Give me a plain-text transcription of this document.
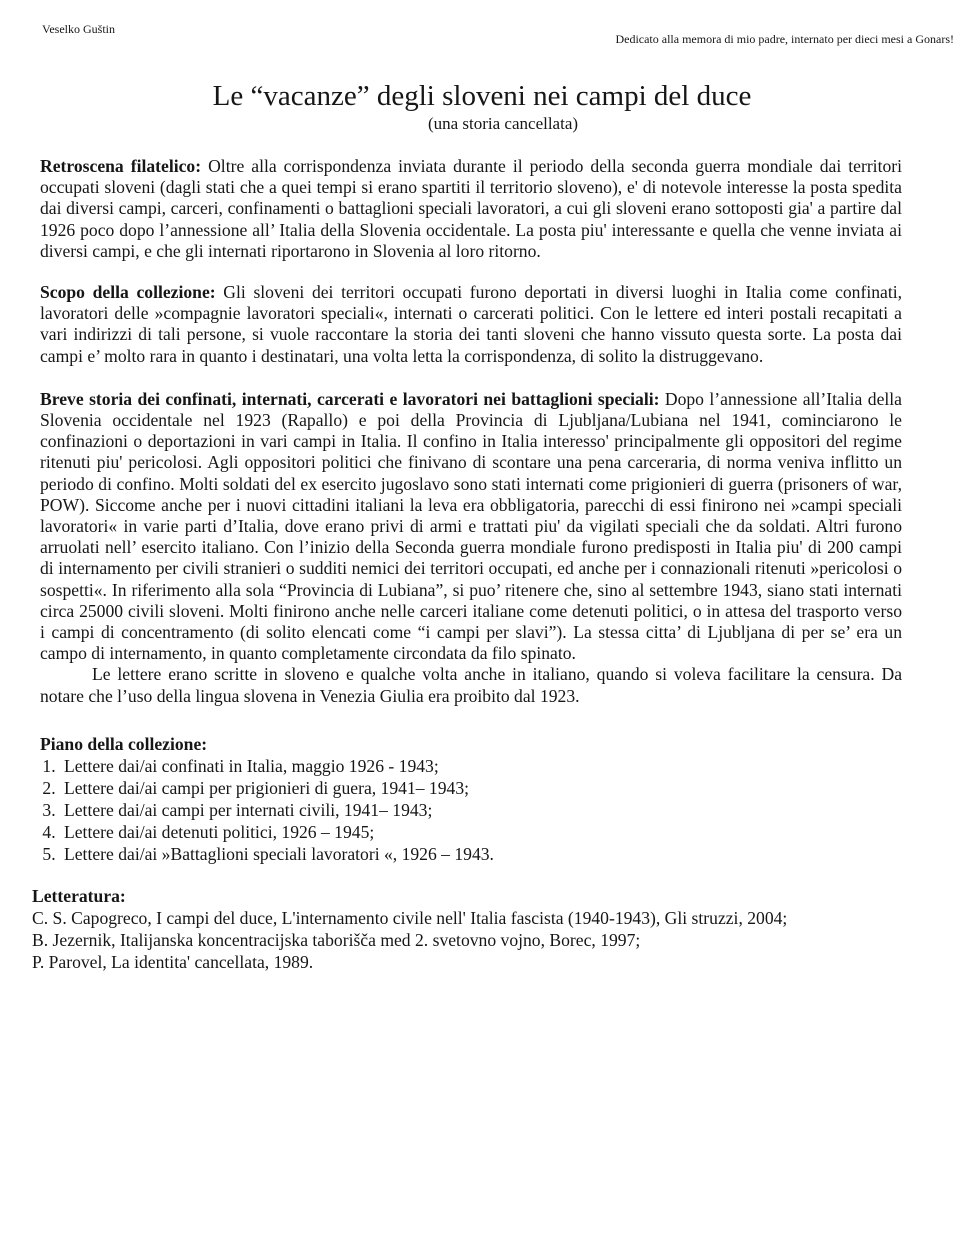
Veselko Guštin
Dedicato alla memora di mio padre, internato per dieci mesi a Gonars!
Le “vacanze” degli sloveni nei campi del duce
(una storia cancellata)
Retroscena filatelico: Oltre alla corrispondenza inviata durante il periodo della seconda guerra mondiale dai territori occupati sloveni (dagli stati che a quei tempi si erano spartiti il territorio sloveno), e' di notevole interesse la posta spedita dai diversi campi, carceri, confinamenti o battaglioni speciali lavoratori, a cui gli sloveni erano sottoposti gia' a partire dal 1926 poco dopo l’annessione all’ Italia della Slovenia occidentale. La posta piu' interessante e quella che venne inviata ai diversi campi, e che gli internati riportarono in Slovenia al loro ritorno.
Scopo della collezione: Gli sloveni dei territori occupati furono deportati in diversi luoghi in Italia come confinati, lavoratori delle »compagnie lavoratori speciali«, internati o carcerati politici. Con le lettere ed interi postali recapitati a vari indirizzi di tali persone, si vuole raccontare la storia dei tanti sloveni che hanno vissuto questa sorte. La posta dai campi e’ molto rara in quanto i destinatari, una volta letta la corrispondenza, di solito la distruggevano.
Breve storia dei confinati, internati, carcerati e lavoratori nei battaglioni speciali: Dopo l’annessione all’Italia della Slovenia occidentale nel 1923 (Rapallo) e poi della Provincia di Ljubljana/Lubiana nel 1941, cominciarono le confinazioni o deportazioni in vari campi in Italia. Il confino in Italia interesso' principalmente gli oppositori del regime ritenuti piu' pericolosi. Agli oppositori politici che finivano di scontare una pena carceraria, di norma veniva inflitto un periodo di confino. Molti soldati del ex esercito jugoslavo sono stati internati come prigionieri di guerra (prisoners of war, POW). Siccome anche per i nuovi cittadini italiani la leva era obbligatoria, parecchi di essi finirono nei »campi speciali lavoratori« in varie parti d’Italia, dove erano privi di armi e trattati piu' da vigilati speciali che da soldati. Altri furono arruolati nell’ esercito italiano. Con l’inizio della Seconda guerra mondiale furono predisposti in Italia piu' di 200 campi di internamento per civili stranieri o sudditi nemici dei territori occupati, ed anche per i connazionali ritenuti »pericolosi o sospetti«. In riferimento alla sola “Provincia di Lubiana”, si puo’ ritenere che, sino al settembre 1943, siano stati internati circa 25000 civili sloveni. Molti finirono anche nelle carceri italiane come detenuti politici, o in attesa del trasporto verso i campi di concentramento (di solito elencati come “i campi per slavi”). La stessa citta’ di Ljubljana di per se’ era un campo di internamento, in quanto completamente circondata da filo spinato.
Le lettere erano scritte in sloveno e qualche volta anche in italiano, quando si voleva facilitare la censura. Da notare che l’uso della lingua slovena in Venezia Giulia era proibito dal 1923.
Piano della collezione:
1. Lettere dai/ai confinati in Italia, maggio 1926 - 1943;
2. Lettere dai/ai campi per prigionieri di guera, 1941– 1943;
3. Lettere dai/ai campi per internati civili, 1941– 1943;
4. Lettere dai/ai detenuti politici, 1926 – 1945;
5. Lettere dai/ai »Battaglioni speciali lavoratori «, 1926 – 1943.
Letteratura:
C. S. Capogreco, I campi del duce, L'internamento civile nell' Italia fascista (1940-1943), Gli struzzi, 2004;
B. Jezernik, Italijanska koncentracijska taborišča med 2. svetovno vojno, Borec, 1997;
P. Parovel, La identita' cancellata, 1989.
